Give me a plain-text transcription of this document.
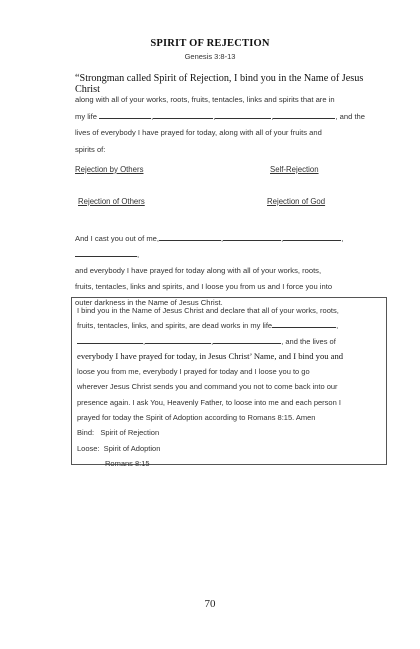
SPIRIT OF REJECTION
Genesis 3:8-13
“Strongman called Spirit of Rejection, I bind you in the Name of Jesus Christ
along with all of your works, roots, fruits, tentacles, links and spirits that are in
my life	,	,	,	, and the
lives of everybody I have prayed for today, along with all of your fruits and
spirits of:
Rejection by Others	Self-Rejection
Rejection of Others	Rejection of God
And I cast you out of me,	,	,	,,
and everybody I have prayed for today along with all of your works, roots,
fruits, tentacles, links and spirits, and I loose you from us and I force you into
outer darkness in the Name of Jesus Christ.
I bind you in the Name of Jesus Christ and declare that all of your works, roots,
fruits, tentacles, links, and spirits, are dead works in my life	,
,	,	, and the lives of
everybody I have prayed for today, in Jesus Christ’ Name, and I bind you and
loose you from me, everybody I prayed for today and I loose you to go
wherever Jesus Christ sends you and command you not to come back into our
presence again. I ask You, Heavenly Father, to loose into me and each person I
prayed for today the Spirit of Adoption according to Romans 8:15. Amen
Bind:   Spirit of Rejection
Loose:  Spirit of Adoption
Romans 8:15
70
